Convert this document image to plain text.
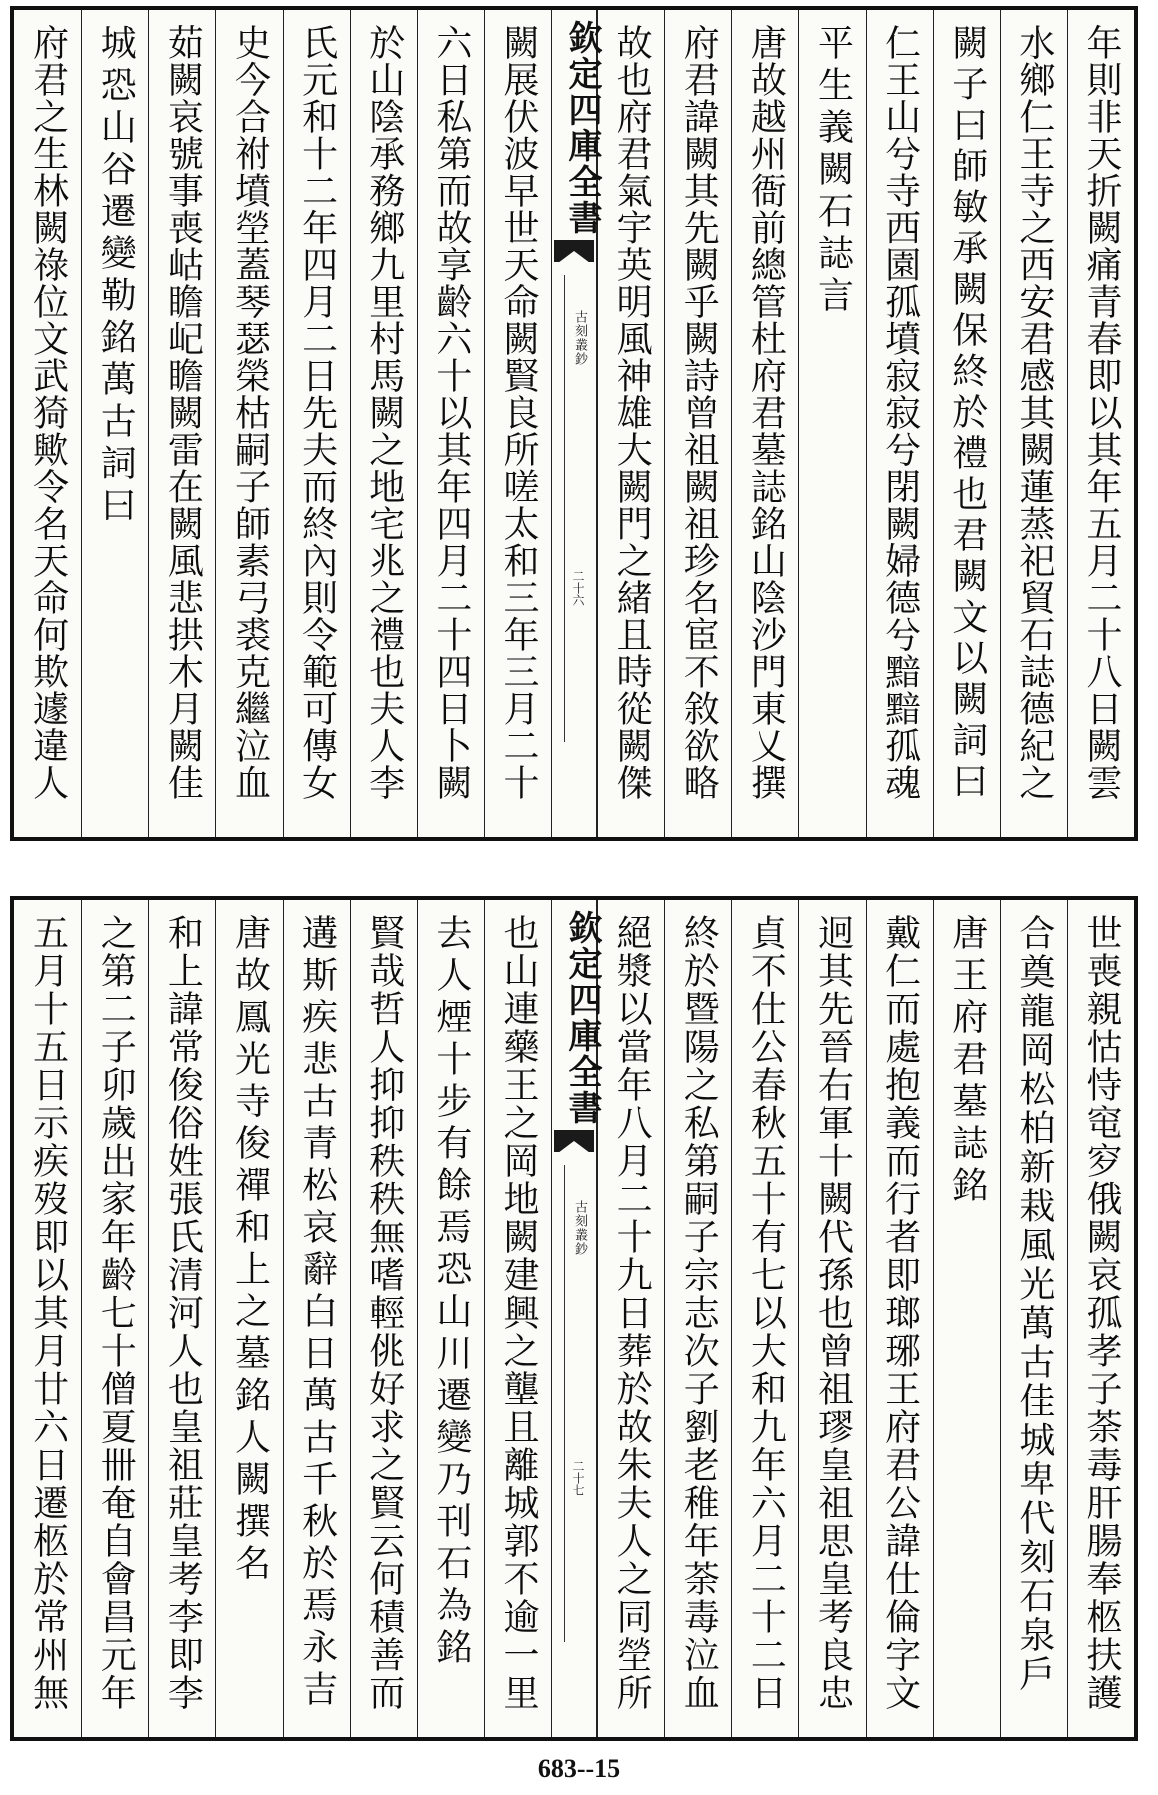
年則非天折闕痛青春即以其年五月二十八日闕雲
水鄉仁王寺之西安君感其闕蓮蒸祀貿石誌德紀之
闕子曰師敏承闕保終於禮也君闕文以闕詞曰
仁王山兮寺西園孤墳寂寂兮閉闕婦德兮黯黯孤魂
平生義闕石誌言
唐故越州衙前總管杜府君墓誌銘山陰沙門東乂撰
府君諱闕其先闕乎闕詩曾祖闕祖珍名宦不敘欲略
故也府君氣宇英明風神雄大闕門之緒且時從闕傑
欽定四庫全書
古刻叢鈔
二十六
闕展伏波早世天命闕賢良所嗟太和三年三月二十
六日私第而故享齡六十以其年四月二十四日卜闕
於山陰承務鄉九里村馬闕之地宅兆之禮也夫人李
氏元和十二年四月二日先夫而終內則令範可傳女
史今合祔墳塋蓋琴瑟榮枯嗣子師素弓裘克繼泣血
茹闕哀號事喪岵瞻屺瞻闕雷在闕風悲拱木月闕佳
城恐山谷遷變勒銘萬古詞曰
府君之生林闕祿位文武猗歟令名天命何欺遽違人
世喪親怙恃窀穸俄闕哀孤孝子荼毒肝腸奉柩扶護
合奠龍岡松柏新栽風光萬古佳城卑代刻石泉戶
唐王府君墓誌銘
戴仁而處抱義而行者即瑯琊王府君公諱仕倫字文
迥其先晉右軍十闕代孫也曾祖璆皇祖思皇考良忠
貞不仕公春秋五十有七以大和九年六月二十二日
終於暨陽之私第嗣子宗志次子劉老稚年荼毒泣血
絕漿以當年八月二十九日葬於故朱夫人之同塋所
欽定四庫全書
古刻叢鈔
二十七
也山連藥王之岡地闕建興之壟且離城郭不逾一里
去人煙十步有餘焉恐山川遷變乃刊石為銘
賢哉哲人抑抑秩秩無嗜輕佻好求之賢云何積善而
遘斯疾悲古青松哀辭白日萬古千秋於焉永吉
唐故鳳光寺俊禪和上之墓銘人闕撰名
和上諱常俊俗姓張氏清河人也皇祖莊皇考李即李
之第二子卯歲出家年齡七十僧夏卌奄自會昌元年
五月十五日示疾歿即以其月廿六日遷柩於常州無
683--15
